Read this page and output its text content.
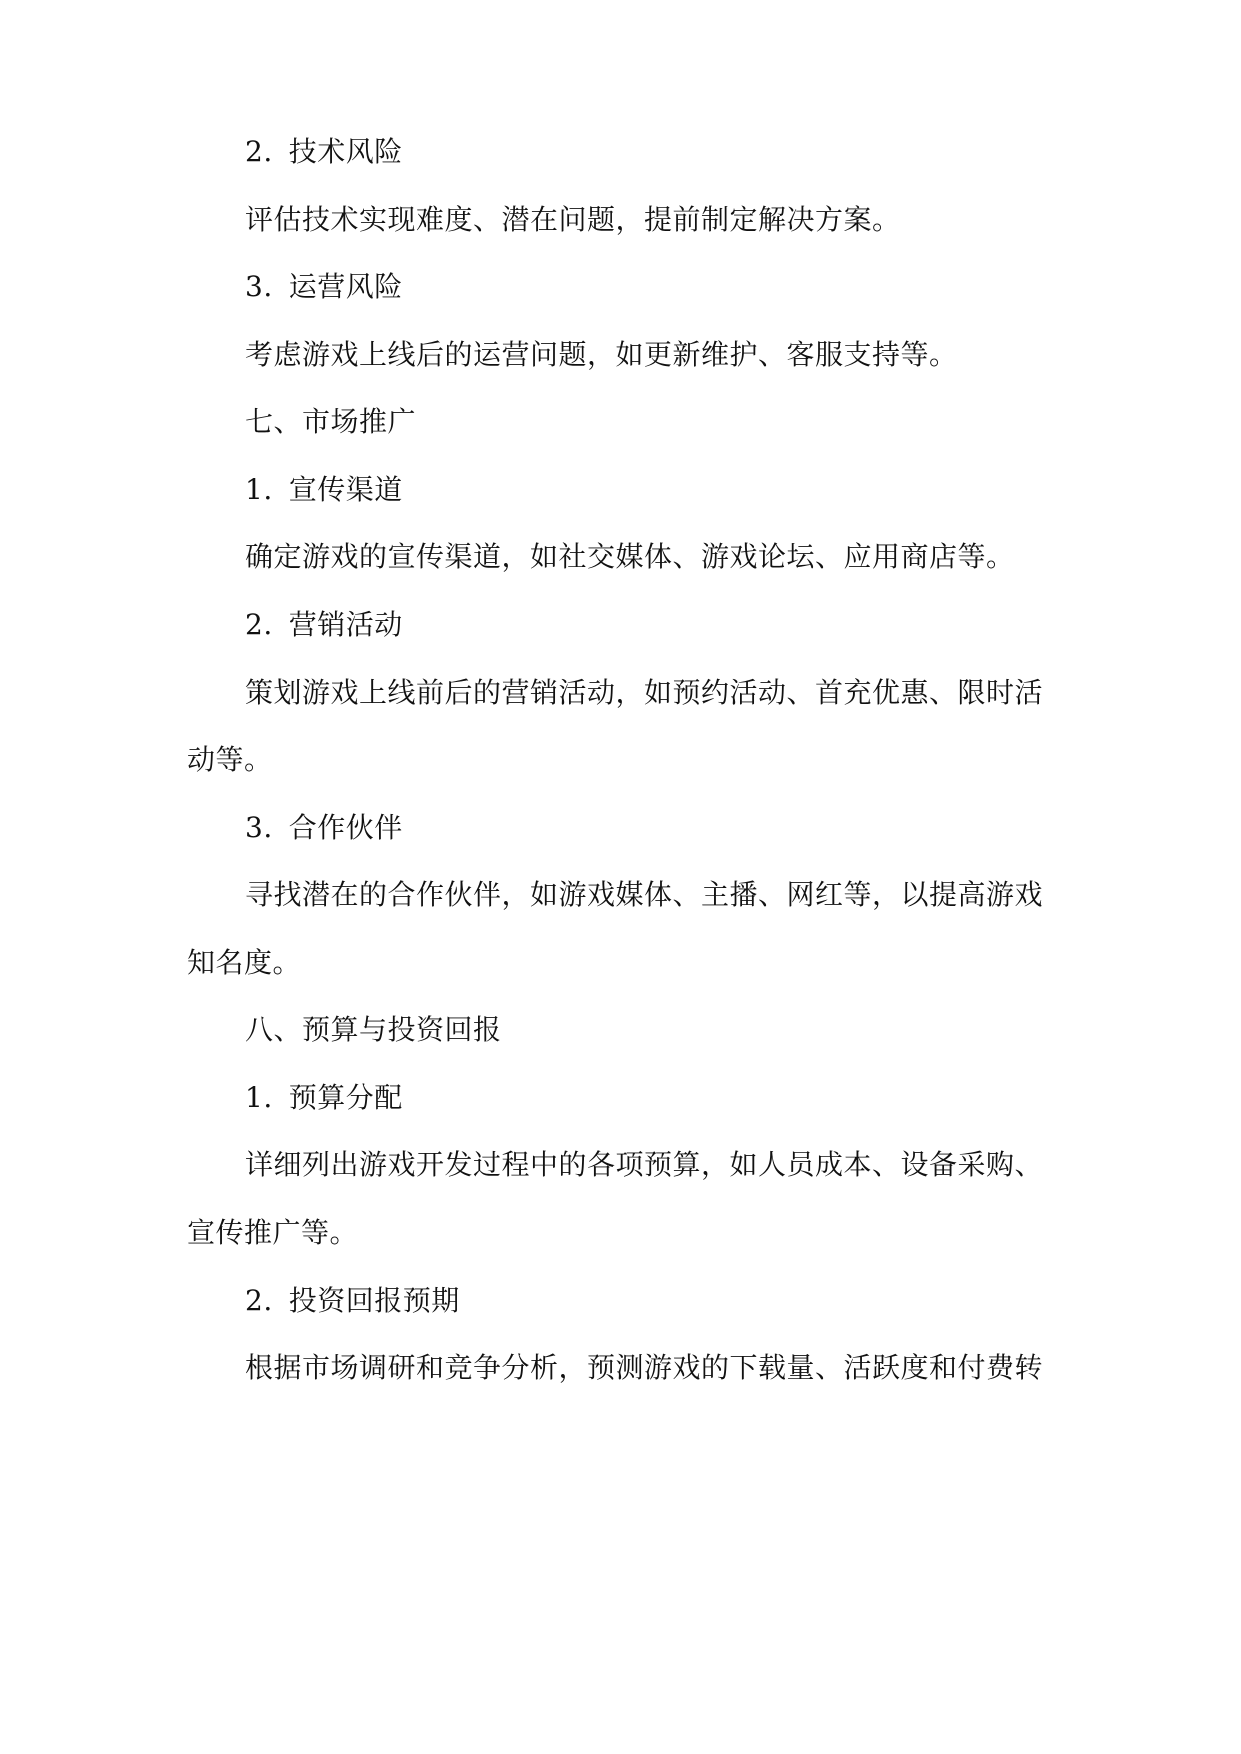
2. 技术风险
评估技术实现难度、潜在问题，提前制定解决方案。
3. 运营风险
考虑游戏上线后的运营问题，如更新维护、客服支持等。
七、市场推广
1. 宣传渠道
确定游戏的宣传渠道，如社交媒体、游戏论坛、应用商店等。
2. 营销活动
策划游戏上线前后的营销活动，如预约活动、首充优惠、限时活
动等。
3. 合作伙伴
寻找潜在的合作伙伴，如游戏媒体、主播、网红等，以提高游戏
知名度。
八、预算与投资回报
1. 预算分配
详细列出游戏开发过程中的各项预算，如人员成本、设备采购、
宣传推广等。
2. 投资回报预期
根据市场调研和竞争分析，预测游戏的下载量、活跃度和付费转
